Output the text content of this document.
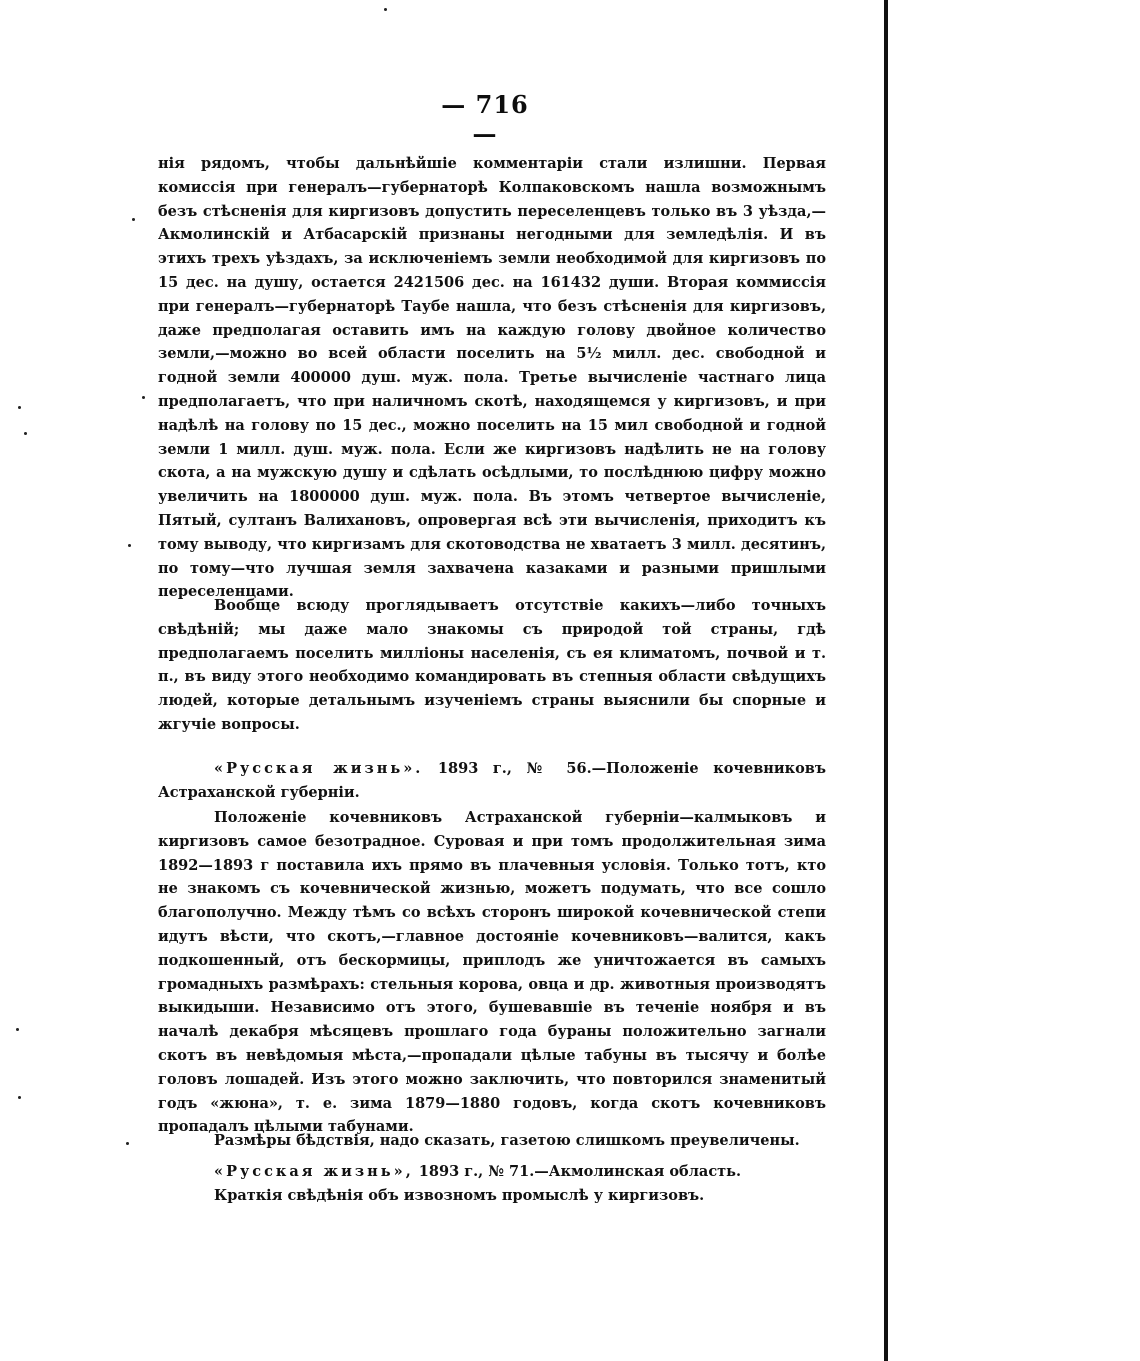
— 716 —

нія рядомъ, чтобы дальнѣйшіе комментаріи стали излишни. Первая комиссія при генералъ—губернаторѣ Колпаковскомъ нашла возможнымъ безъ стѣсненія для киргизовъ допустить переселенцевъ только въ 3 уѣзда,—Акмолинскій и Атбасарскій признаны негодными для земледѣлія. И въ этихъ трехъ уѣздахъ, за исключеніемъ земли необходимой для киргизовъ по 15 дес. на душу, остается 2421506 дес. на 161432 души. Вторая коммиссія при генералъ—губернаторѣ Таубе нашла, что безъ стѣсненія для киргизовъ, даже предполагая оставить имъ на каждую голову двойное количество земли,—можно во всей области поселить на 5½ милл. дес. свободной и годной земли 400000 душ. муж. пола. Третье вычисленіе частнаго лица предполагаетъ, что при наличномъ скотѣ, находящемся у киргизовъ, и при надѣлѣ на голову по 15 дес., можно поселить на 15 мил свободной и годной земли 1 милл. душ. муж. пола. Если же киргизовъ надѣлить не на голову скота, а на мужскую душу и сдѣлать осѣдлыми, то послѣднюю цифру можно увеличить на 1800000 душ. муж. пола. Въ этомъ четвертое вычисленіе, Пятый, султанъ Валихановъ, опровергая всѣ эти вычисленія, приходитъ къ тому выводу, что киргизамъ для скотоводства не хватаетъ 3 милл. десятинъ, по тому—что лучшая земля захвачена казаками и разными пришлыми переселенцами.

Вообще всюду проглядываетъ отсутствіе какихъ—либо точныхъ свѣдѣній; мы даже мало знакомы съ природой той страны, гдѣ предполагаемъ поселить милліоны населенія, съ ея климатомъ, почвой и т. п., въ виду этого необходимо командировать въ степныя области свѣдущихъ людей, которые детальнымъ изученіемъ страны выяснили бы спорные и жгучіе вопросы.

«Русская жизнь». 1893 г., № 56.—Положеніе кочевниковъ Астраханской губерніи.

Положеніе кочевниковъ Астраханской губерніи—калмыковъ и киргизовъ самое безотрадное. Суровая и при томъ продолжительная зима 1892—1893 г поставила ихъ прямо въ плачевныя условія. Только тотъ, кто не знакомъ съ кочевнической жизнью, можетъ подумать, что все сошло благополучно. Между тѣмъ со всѣхъ сторонъ широкой кочевнической степи идутъ вѣсти, что скотъ,—главное достояніе кочевниковъ—валится, какъ подкошенный, отъ бескормицы, приплодъ же уничтожается въ самыхъ громадныхъ размѣрахъ: стельныя корова, овца и др. животныя производятъ выкидыши. Независимо отъ этого, бушевавшіе въ теченіе ноября и въ началѣ декабря мѣсяцевъ прошлаго года бураны положительно загнали скотъ въ невѣдомыя мѣста,—пропадали цѣлые табуны въ тысячу и болѣе головъ лошадей. Изъ этого можно заключить, что повторился знаменитый годъ «жюна», т. е. зима 1879—1880 годовъ, когда скотъ кочевниковъ пропадалъ цѣлыми табунами.

Размѣры бѣдствія, надо сказать, газетою слишкомъ преувеличены.

«Русская жизнь», 1893 г., № 71.—Акмолинская область.

Краткія свѣдѣнія объ извозномъ промыслѣ у киргизовъ.
